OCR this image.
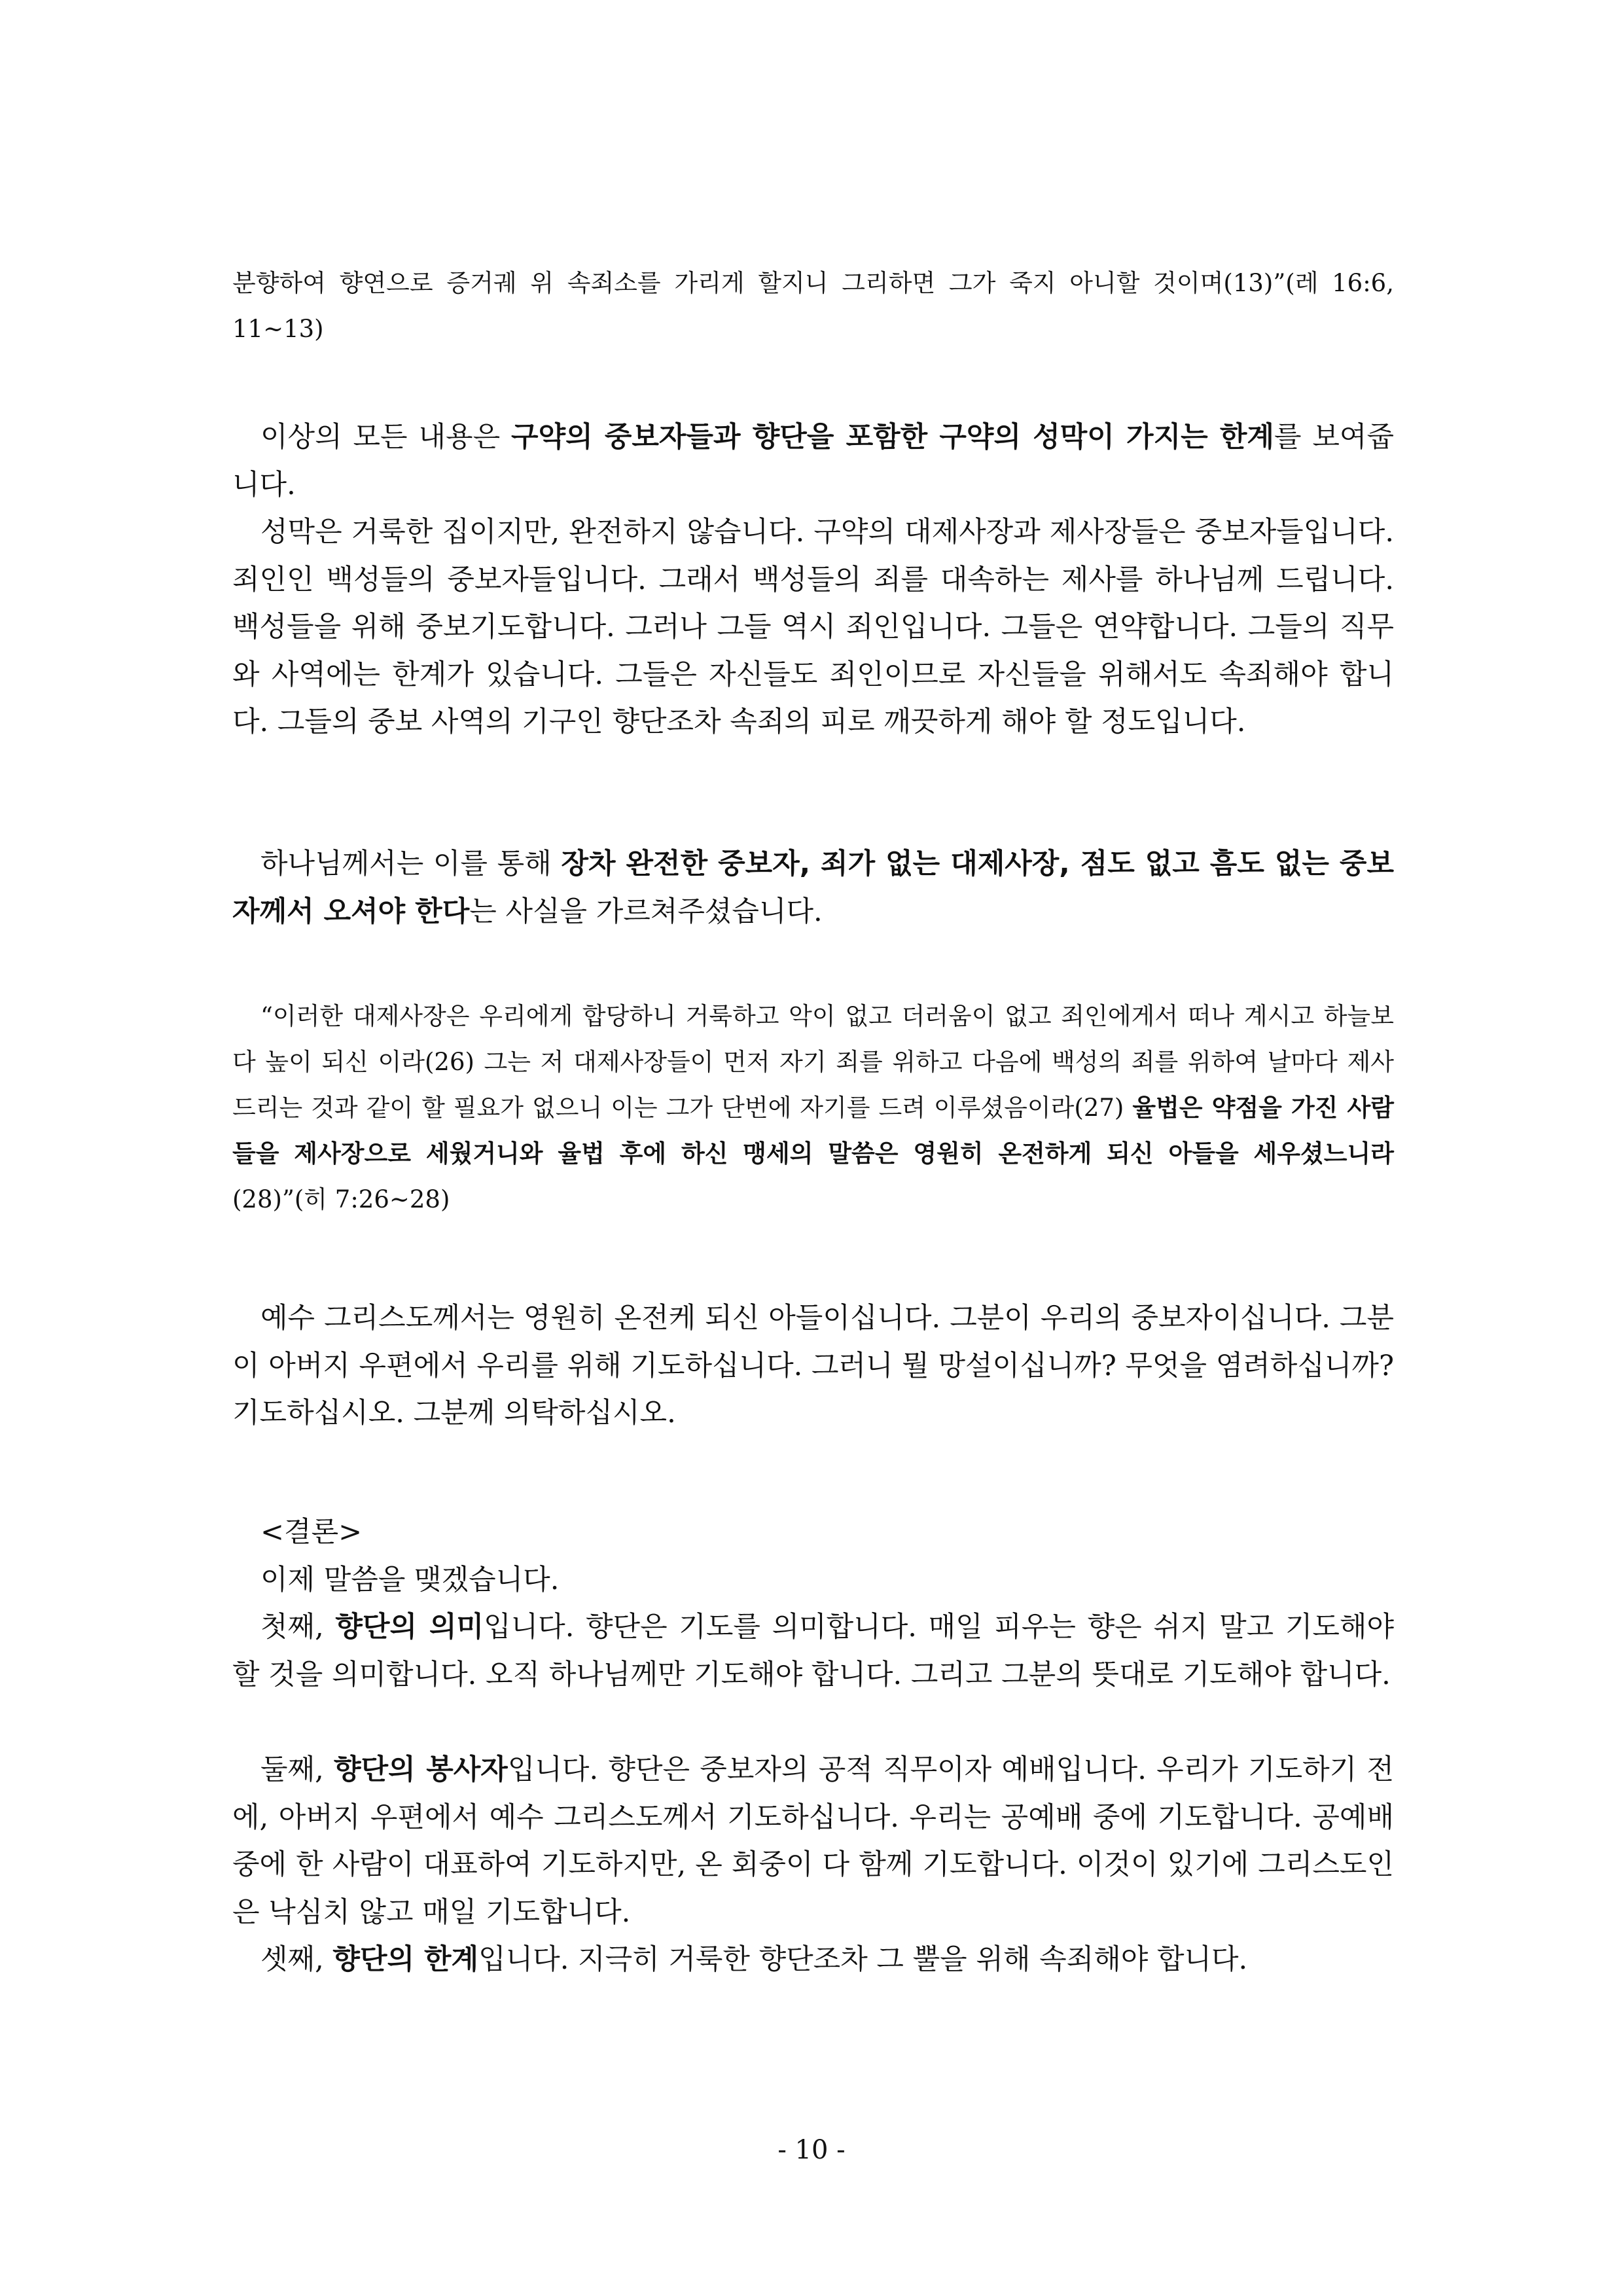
분향하여 향연으로 증거궤 위 속죄소를 가리게 할지니 그리하면 그가 죽지 아니할 것이며(13)”(레 16:6, 11~13)

이상의 모든 내용은 구약의 중보자들과 향단을 포함한 구약의 성막이 가지는 한계를 보여줍니다.

성막은 거룩한 집이지만, 완전하지 않습니다. 구약의 대제사장과 제사장들은 중보자들입니다. 죄인인 백성들의 중보자들입니다. 그래서 백성들의 죄를 대속하는 제사를 하나님께 드립니다. 백성들을 위해 중보기도합니다. 그러나 그들 역시 죄인입니다. 그들은 연약합니다. 그들의 직무와 사역에는 한계가 있습니다. 그들은 자신들도 죄인이므로 자신들을 위해서도 속죄해야 합니다. 그들의 중보 사역의 기구인 향단조차 속죄의 피로 깨끗하게 해야 할 정도입니다.

하나님께서는 이를 통해 장차 완전한 중보자, 죄가 없는 대제사장, 점도 없고 흠도 없는 중보자께서 오셔야 한다는 사실을 가르쳐주셨습니다.

“이러한 대제사장은 우리에게 합당하니 거룩하고 악이 없고 더러움이 없고 죄인에게서 떠나 계시고 하늘보다 높이 되신 이라(26) 그는 저 대제사장들이 먼저 자기 죄를 위하고 다음에 백성의 죄를 위하여 날마다 제사 드리는 것과 같이 할 필요가 없으니 이는 그가 단번에 자기를 드려 이루셨음이라(27) 율법은 약점을 가진 사람들을 제사장으로 세웠거니와 율법 후에 하신 맹세의 말씀은 영원히 온전하게 되신 아들을 세우셨느니라(28)”(히 7:26~28)

예수 그리스도께서는 영원히 온전케 되신 아들이십니다. 그분이 우리의 중보자이십니다. 그분이 아버지 우편에서 우리를 위해 기도하십니다. 그러니 뭘 망설이십니까? 무엇을 염려하십니까? 기도하십시오. 그분께 의탁하십시오.

<결론>

이제 말씀을 맺겠습니다.

첫째, 향단의 의미입니다. 향단은 기도를 의미합니다. 매일 피우는 향은 쉬지 말고 기도해야 할 것을 의미합니다. 오직 하나님께만 기도해야 합니다. 그리고 그분의 뜻대로 기도해야 합니다.

둘째, 향단의 봉사자입니다. 향단은 중보자의 공적 직무이자 예배입니다. 우리가 기도하기 전에, 아버지 우편에서 예수 그리스도께서 기도하십니다. 우리는 공예배 중에 기도합니다. 공예배 중에 한 사람이 대표하여 기도하지만, 온 회중이 다 함께 기도합니다. 이것이 있기에 그리스도인은 낙심치 않고 매일 기도합니다.

셋째, 향단의 한계입니다. 지극히 거룩한 향단조차 그 뿔을 위해 속죄해야 합니다.

- 10 -
